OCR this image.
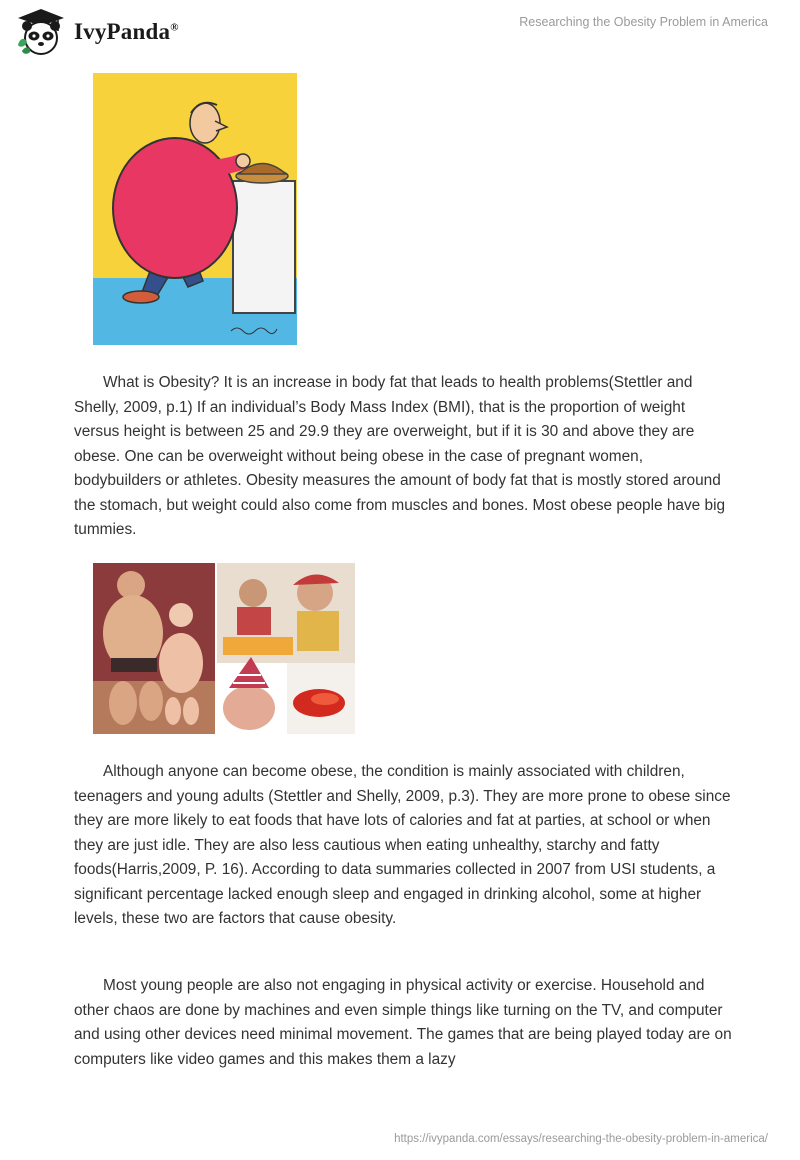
IvyPanda®	Researching the Obesity Problem in America

What is Obesity? It is an increase in body fat that leads to health problems(Stettler and Shelly, 2009, p.1) If an individual’s Body Mass Index (BMI), that is the proportion of weight versus height is between 25 and 29.9 they are overweight, but if it is 30 and above they are obese. One can be overweight without being obese in the case of pregnant women, bodybuilders or athletes. Obesity measures the amount of body fat that is mostly stored around the stomach, but weight could also come from muscles and bones. Most obese people have big tummies.

Although anyone can become obese, the condition is mainly associated with children, teenagers and young adults (Stettler and Shelly, 2009, p.3). They are more prone to obese since they are more likely to eat foods that have lots of calories and fat at parties, at school or when they are just idle. They are also less cautious when eating unhealthy, starchy and fatty foods(Harris,2009, P. 16). According to data summaries collected in 2007 from USI students, a significant percentage lacked enough sleep and engaged in drinking alcohol, some at higher levels, these two are factors that cause obesity.

Most young people are also not engaging in physical activity or exercise. Household and other chaos are done by machines and even simple things like turning on the TV, and computer and using other devices need minimal movement. The games that are being played today are on computers like video games and this makes them a lazy

https://ivypanda.com/essays/researching-the-obesity-problem-in-america/
